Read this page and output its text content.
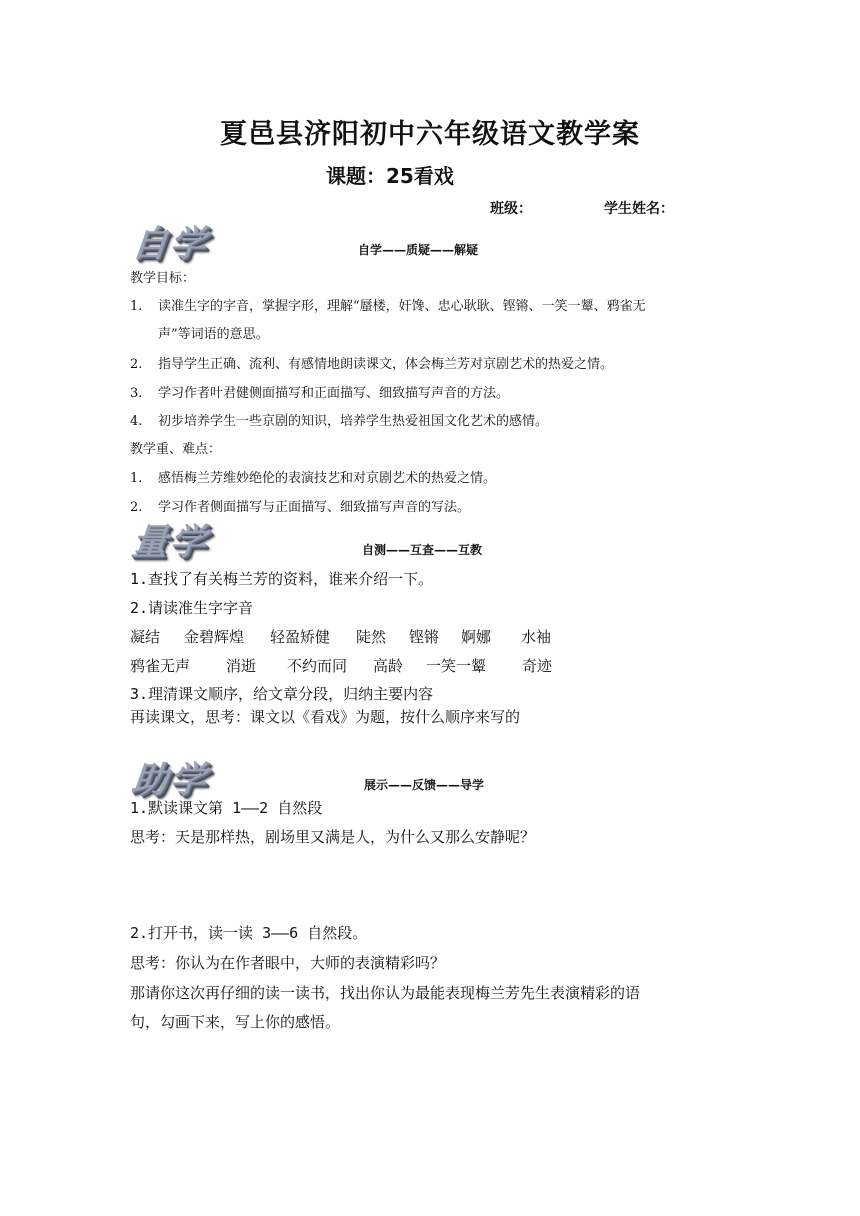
夏邑县济阳初中六年级语文教学案
课题：25看戏
班级：	学生姓名：
自学	自学——质疑——解疑
教学目标：
1. 读准生字的字音，掌握字形，理解“蜃楼，奸馋、忠心耿耿、铿锵、一笑一颦、鸦雀无
声”等词语的意思。
2. 指导学生正确、流利、有感情地朗读课文，体会梅兰芳对京剧艺术的热爱之情。
3. 学习作者叶君健侧面描写和正面描写、细致描写声音的方法。
4. 初步培养学生一些京剧的知识，培养学生热爱祖国文化艺术的感情。
教学重、难点：
1. 感悟梅兰芳维妙绝伦的表演技艺和对京剧艺术的热爱之情。
2. 学习作者侧面描写与正面描写、细致描写声音的写法。
量学	自测——互查——互教
1.查找了有关梅兰芳的资料，谁来介绍一下。
2.请读准生字字音
凝结 金碧辉煌 轻盈矫健 陡然 铿锵 婀娜 水袖
鸦雀无声 消逝 不约而同 高龄 一笑一颦 奇迹
3.理清课文顺序，给文章分段，归纳主要内容
再读课文，思考：课文以《看戏》为题，按什么顺序来写的
助学	展示——反馈——导学
1.默读课文第 1——2 自然段
思考：天是那样热，剧场里又满是人，为什么又那么安静呢？
2.打开书，读一读 3——6 自然段。
思考：你认为在作者眼中，大师的表演精彩吗？
那请你这次再仔细的读一读书，找出你认为最能表现梅兰芳先生表演精彩的语
句，勾画下来，写上你的感悟。
